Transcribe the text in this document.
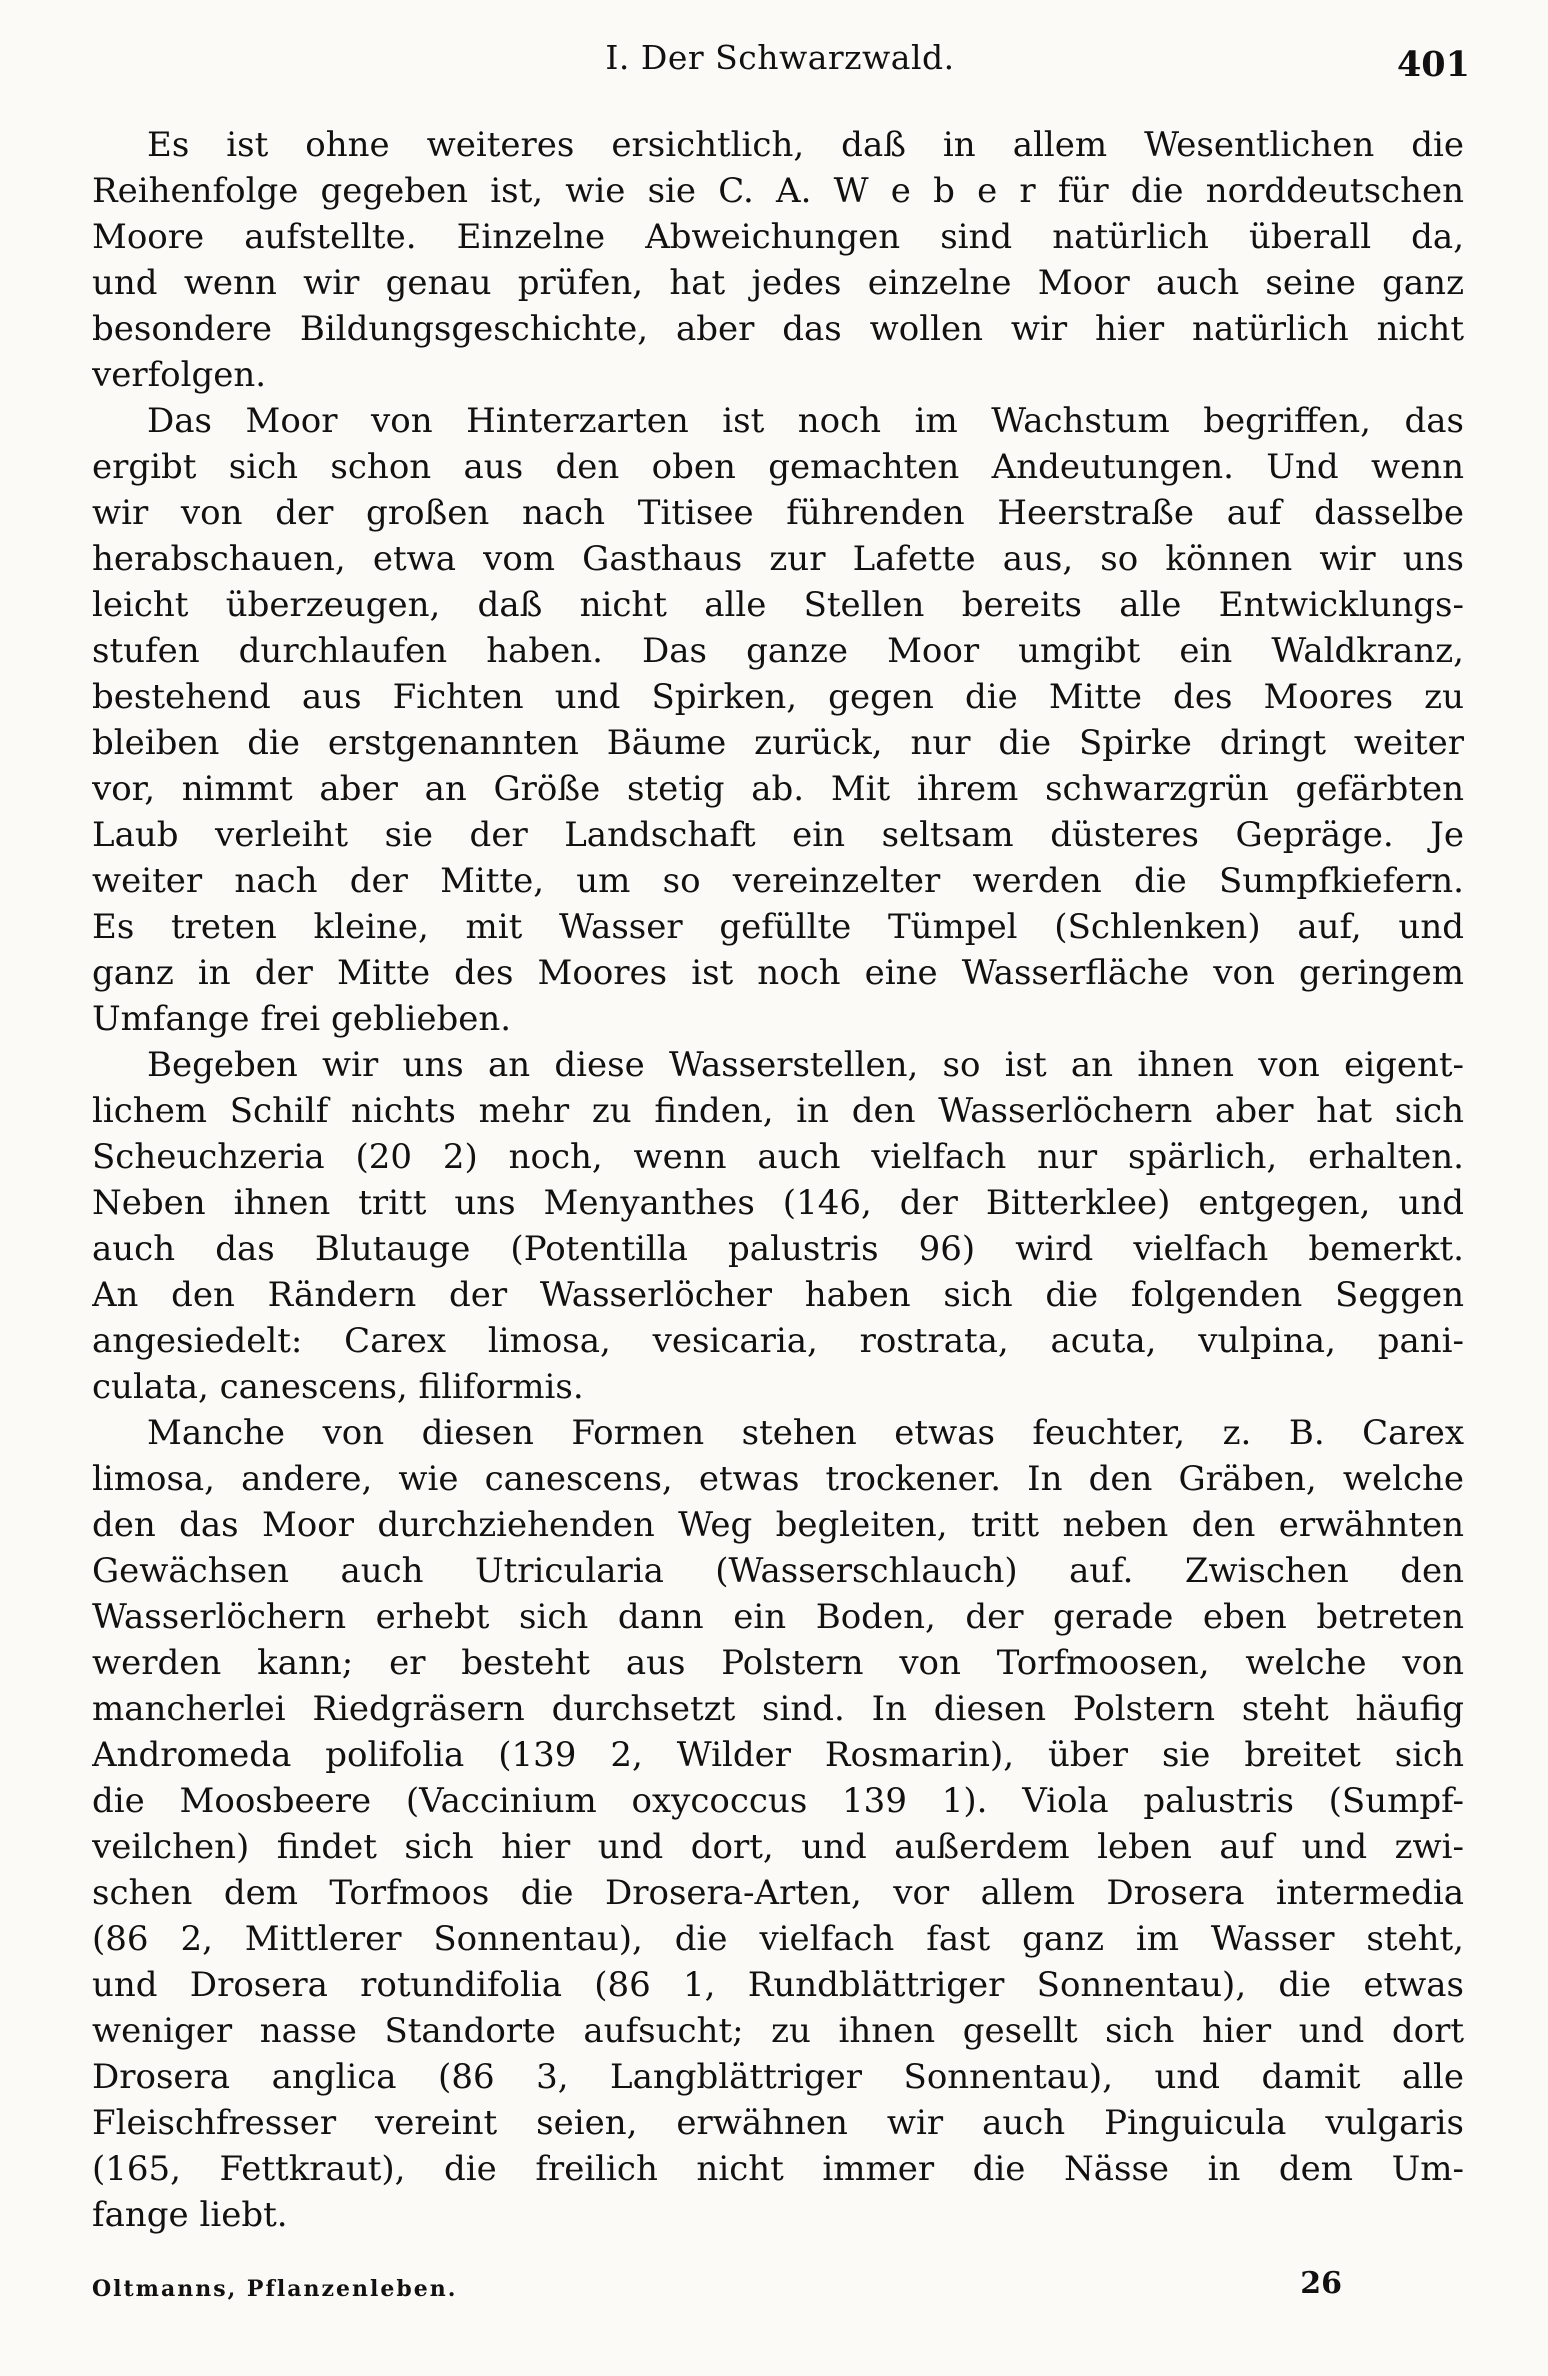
I. Der Schwarzwald.	401
Es ist ohne weiteres ersichtlich, daß in allem Wesentlichen die
Reihenfolge gegeben ist, wie sie C. A. W e b e r für die norddeutschen
Moore aufstellte. Einzelne Abweichungen sind natürlich überall da,
und wenn wir genau prüfen, hat jedes einzelne Moor auch seine ganz
besondere Bildungsgeschichte, aber das wollen wir hier natürlich nicht
verfolgen.
Das Moor von Hinterzarten ist noch im Wachstum begriffen, das
ergibt sich schon aus den oben gemachten Andeutungen. Und wenn
wir von der großen nach Titisee führenden Heerstraße auf dasselbe
herabschauen, etwa vom Gasthaus zur Lafette aus, so können wir uns
leicht überzeugen, daß nicht alle Stellen bereits alle Entwicklungs-
stufen durchlaufen haben. Das ganze Moor umgibt ein Waldkranz,
bestehend aus Fichten und Spirken, gegen die Mitte des Moores zu
bleiben die erstgenannten Bäume zurück, nur die Spirke dringt weiter
vor, nimmt aber an Größe stetig ab. Mit ihrem schwarzgrün gefärbten
Laub verleiht sie der Landschaft ein seltsam düsteres Gepräge. Je
weiter nach der Mitte, um so vereinzelter werden die Sumpfkiefern.
Es treten kleine, mit Wasser gefüllte Tümpel (Schlenken) auf, und
ganz in der Mitte des Moores ist noch eine Wasserfläche von geringem
Umfange frei geblieben.
Begeben wir uns an diese Wasserstellen, so ist an ihnen von eigent-
lichem Schilf nichts mehr zu finden, in den Wasserlöchern aber hat sich
Scheuchzeria (20 2) noch, wenn auch vielfach nur spärlich, erhalten.
Neben ihnen tritt uns Menyanthes (146, der Bitterklee) entgegen, und
auch das Blutauge (Potentilla palustris 96) wird vielfach bemerkt.
An den Rändern der Wasserlöcher haben sich die folgenden Seggen
angesiedelt: Carex limosa, vesicaria, rostrata, acuta, vulpina, pani-
culata, canescens, filiformis.
Manche von diesen Formen stehen etwas feuchter, z. B. Carex
limosa, andere, wie canescens, etwas trockener. In den Gräben, welche
den das Moor durchziehenden Weg begleiten, tritt neben den erwähnten
Gewächsen auch Utricularia (Wasserschlauch) auf. Zwischen den
Wasserlöchern erhebt sich dann ein Boden, der gerade eben betreten
werden kann; er besteht aus Polstern von Torfmoosen, welche von
mancherlei Riedgräsern durchsetzt sind. In diesen Polstern steht häufig
Andromeda polifolia (139 2, Wilder Rosmarin), über sie breitet sich
die Moosbeere (Vaccinium oxycoccus 139 1). Viola palustris (Sumpf-
veilchen) findet sich hier und dort, und außerdem leben auf und zwi-
schen dem Torfmoos die Drosera-Arten, vor allem Drosera intermedia
(86 2, Mittlerer Sonnentau), die vielfach fast ganz im Wasser steht,
und Drosera rotundifolia (86 1, Rundblättriger Sonnentau), die etwas
weniger nasse Standorte aufsucht; zu ihnen gesellt sich hier und dort
Drosera anglica (86 3, Langblättriger Sonnentau), und damit alle
Fleischfresser vereint seien, erwähnen wir auch Pinguicula vulgaris
(165, Fettkraut), die freilich nicht immer die Nässe in dem Um-
fange liebt.
Oltmanns, Pflanzenleben.	26
